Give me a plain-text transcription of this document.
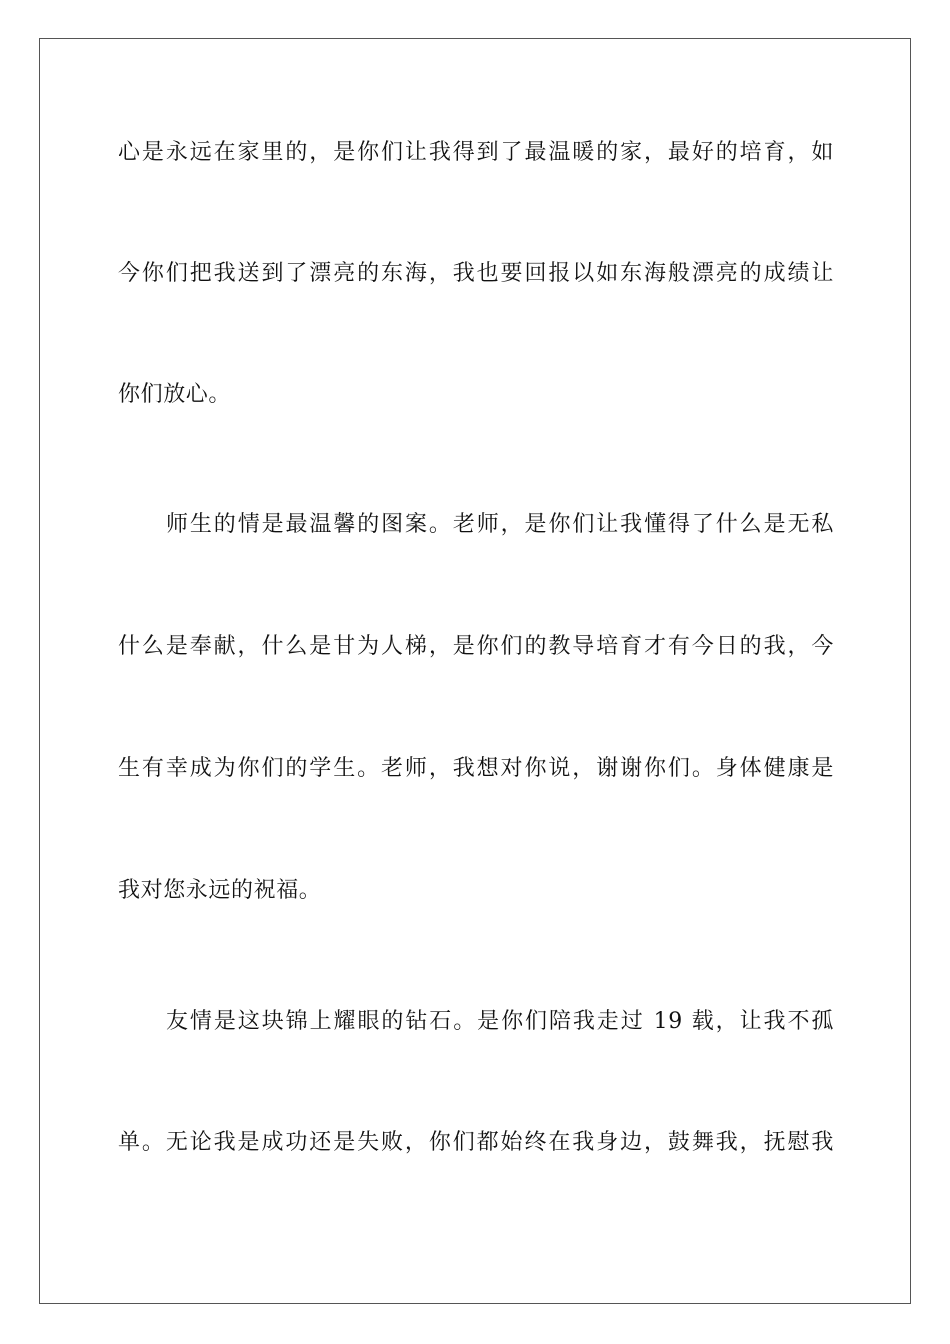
心是永远在家里的，是你们让我得到了最温暖的家，最好的培育，如
今你们把我送到了漂亮的东海，我也要回报以如东海般漂亮的成绩让
你们放心。
师生的情是最温馨的图案。老师，是你们让我懂得了什么是无私
什么是奉献，什么是甘为人梯，是你们的教导培育才有今日的我，今
生有幸成为你们的学生。老师，我想对你说，谢谢你们。身体健康是
我对您永远的祝福。
友情是这块锦上耀眼的钻石。是你们陪我走过 19 载，让我不孤
单。无论我是成功还是失败，你们都始终在我身边，鼓舞我，抚慰我
